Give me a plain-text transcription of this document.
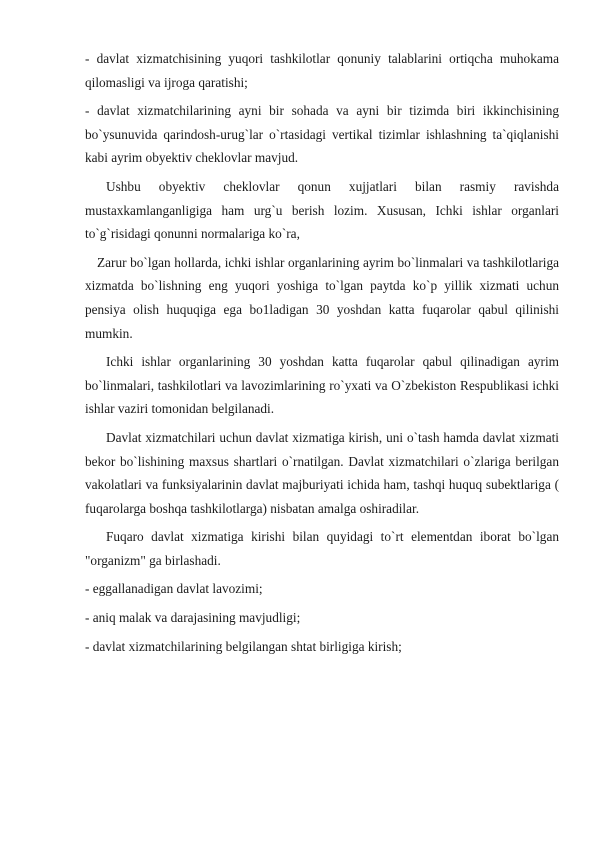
- davlat xizmatchisining yuqori tashkilotlar qonuniy talablarini ortiqcha muhokama qilomasligi va ijroga qaratishi;

- davlat xizmatchilarining ayni bir sohada va ayni bir tizimda biri ikkinchisining bo`ysunuvida qarindosh-urug`lar o`rtasidagi vertikal tizimlar ishlashning ta`qiqlanishi kabi ayrim obyektiv cheklovlar mavjud.

Ushbu obyektiv cheklovlar qonun xujjatlari bilan rasmiy ravishda mustaxkamlanganligiga ham urg`u berish lozim. Xususan, Ichki ishlar organlari to`g`risidagi qonunni normalariga ko`ra,

Zarur bo`lgan hollarda, ichki ishlar organlarining ayrim bo`linmalari va tashkilotlariga xizmatda bo`lishning eng yuqori yoshiga to`lgan paytda ko`p yillik xizmati uchun pensiya olish huquqiga ega bo1ladigan 30 yoshdan katta fuqarolar qabul qilinishi mumkin.

Ichki ishlar organlarining 30 yoshdan katta fuqarolar qabul qilinadigan ayrim bo`linmalari, tashkilotlari va lavozimlarining ro`yxati va O`zbekiston Respublikasi ichki ishlar vaziri tomonidan belgilanadi.

Davlat xizmatchilari uchun davlat xizmatiga kirish, uni o`tash hamda davlat xizmati bekor bo`lishining maxsus shartlari o`rnatilgan. Davlat xizmatchilari o`zlariga berilgan vakolatlari va funksiyalarinin davlat majburiyati ichida ham, tashqi huquq subektlariga ( fuqarolarga boshqa tashkilotlarga) nisbatan amalga oshiradilar.

Fuqaro davlat xizmatiga kirishi bilan quyidagi to`rt elementdan iborat bo`lgan "organizm" ga birlashadi.

- eggallanadigan davlat lavozimi;

- aniq malak va darajasining mavjudligi;

- davlat xizmatchilarining belgilangan shtat birligiga kirish;
